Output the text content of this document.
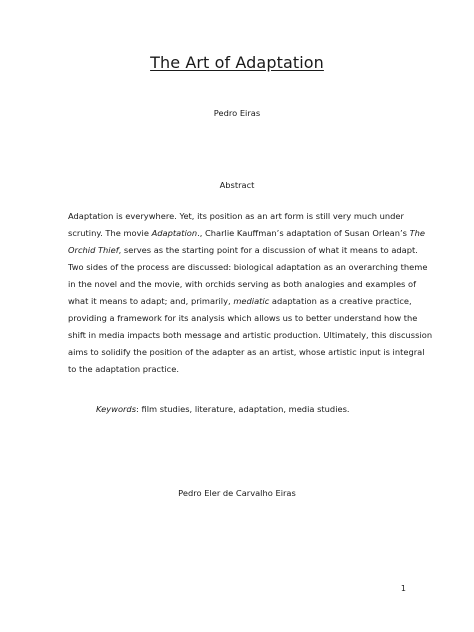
The Art of Adaptation
Pedro Eiras
Abstract
Adaptation is everywhere. Yet, its position as an art form is still very much under
scrutiny. The movie Adaptation., Charlie Kauffman’s adaptation of Susan Orlean’s The
Orchid Thief, serves as the starting point for a discussion of what it means to adapt.
Two sides of the process are discussed: biological adaptation as an overarching theme
in the novel and the movie, with orchids serving as both analogies and examples of
what it means to adapt; and, primarily, mediatic adaptation as a creative practice,
providing a framework for its analysis which allows us to better understand how the
shift in media impacts both message and artistic production. Ultimately, this discussion
aims to solidify the position of the adapter as an artist, whose artistic input is integral
to the adaptation practice.
Keywords: film studies, literature, adaptation, media studies.
Pedro Eler de Carvalho Eiras
1
